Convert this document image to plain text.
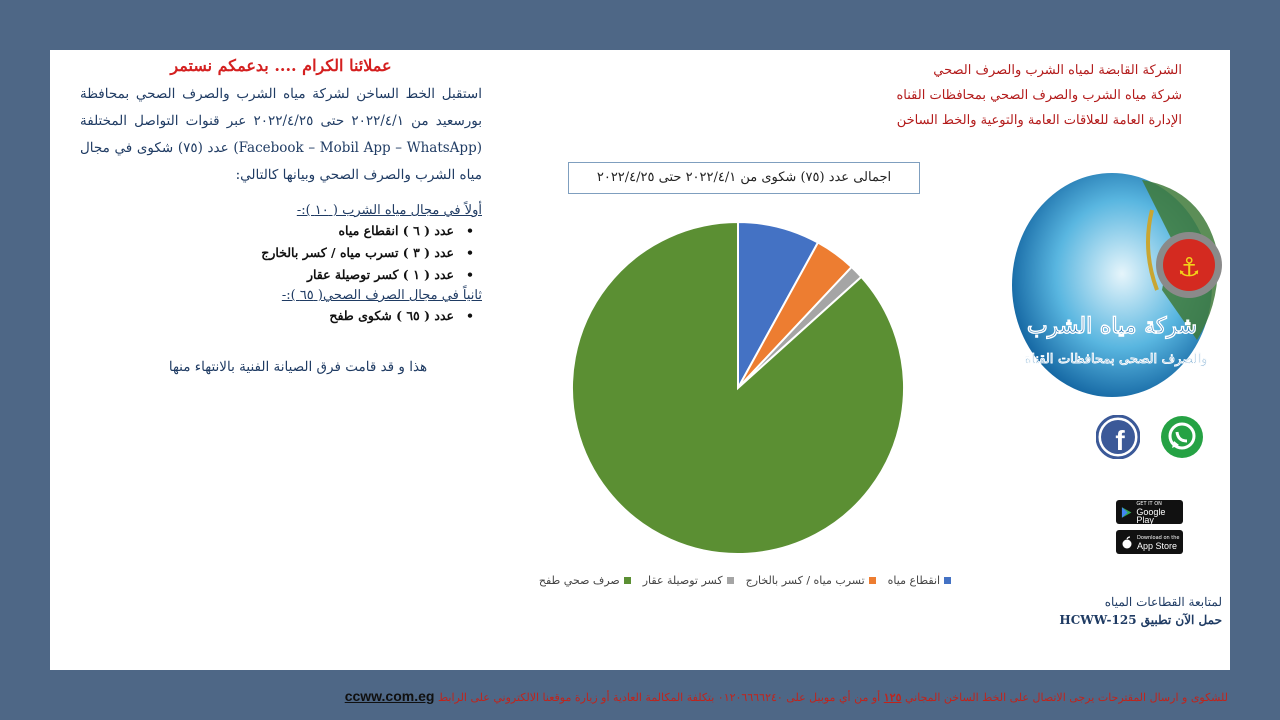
الشركة القابضة لمياه الشرب والصرف الصحي
شركة مياه الشرب والصرف الصحي بمحافظات القناه
الإدارة العامة للعلاقات العامة والتوعية والخط الساخن
عملائنا الكرام .... بدعمكم نستمر
استقبل الخط الساخن لشركة مياه الشرب والصرف الصحي بمحافظة بورسعيد من ٢٠٢٢/٤/١ حتى ٢٠٢٢/٤/٢٥ عبر قنوات التواصل المختلفة (Facebook – Mobil App – WhatsApp) عدد (٧٥) شكوى في مجال مياه الشرب والصرف الصحي وبيانها كالتالي:
أولاً في مجال مياه الشرب ( ١٠ ):-
• عدد ( ٦ ) انقطاع مياه
• عدد ( ٣ ) تسرب مياه / كسر بالخارج
• عدد ( ١ ) كسر توصيلة عقار
ثانياً في مجال الصرف الصحي( ٦٥ ):-
• عدد ( ٦٥ ) شكوى طفح
هذا و قد قامت فرق الصيانة الفنية بالانتهاء منها
اجمالى عدد (٧٥) شكوى من ٢٠٢٢/٤/١ حتى ٢٠٢٢/٤/٢٥
انقطاع مياه
تسرب مياه / كسر بالخارج
كسر توصيلة عقار
صرف صحي طفح
⚓
شركة مياه الشرب
والصرف الصحى بمحافظات القناة
f
GET IT ON
Google Play
Download on the
App Store
لمتابعة القطاعات المياه
حمل الآن تطبيق HCWW-125
للشكوى و ارسال المقترحات يرجى الاتصال على الخط الساخن المجاني ١٢٥ أو من أي موبيل على ٠١٢٠٦٦٦٦٢٤٠ بتكلفة المكالمة العادية أو زيارة موقعنا الالكتروني على الرابط ccww.com.eg
